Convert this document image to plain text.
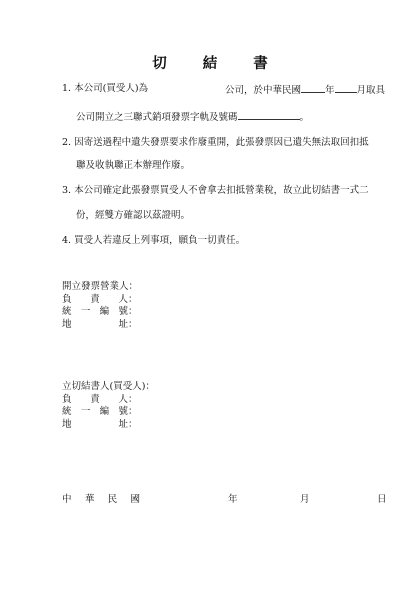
切結書
1. 本公司(買受人)為	公司，於中華民國	年 月取具
公司開立之三聯式銷項發票字軌及號碼	。
2. 因寄送過程中遺失發票要求作廢重開，此張發票因已遺失無法取回扣抵
聯及收執聯正本辦理作廢。
3. 本公司確定此張發票買受人不會拿去扣抵營業稅，故立此切結書一式二
份，經雙方確認以茲證明。
4. 買受人若違反上列事項，願負一切責任。
開立發票營業人：
負責人：
統一編號：
地址：
立切結書人(買受人)：
負責人：
統一編號：
地址：
中華民國	年	月	日
